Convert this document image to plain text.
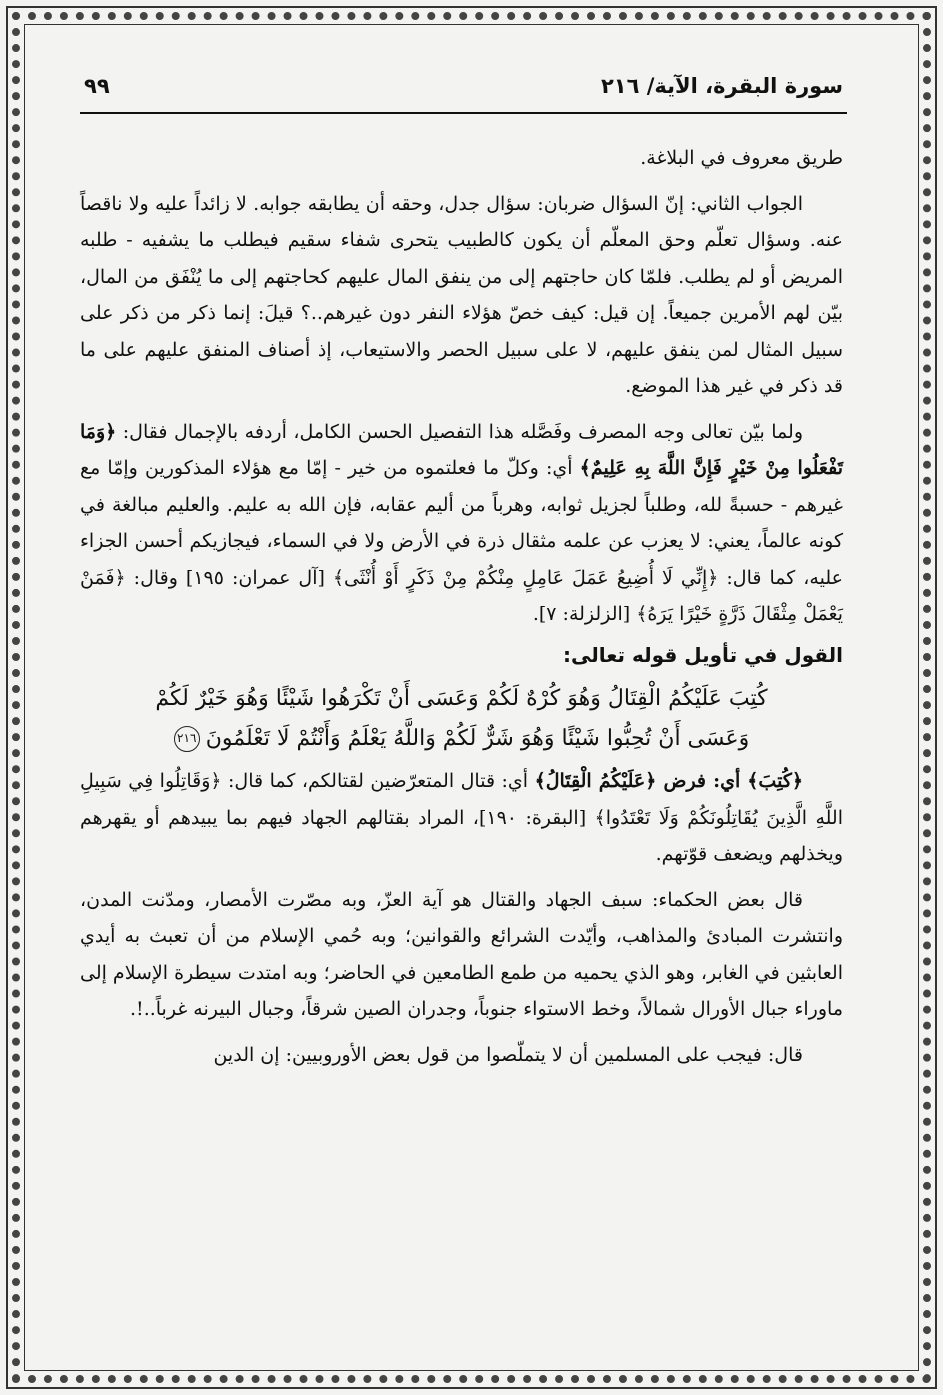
سورة البقرة، الآية/ ٢١٦
٩٩

طريق معروف في البلاغة.

الجواب الثاني: إنّ السؤال ضربان: سؤال جدل، وحقه أن يطابقه جوابه. لا زائداً عليه ولا ناقصاً عنه. وسؤال تعلّم وحق المعلّم أن يكون كالطبيب يتحرى شفاء سقيم فيطلب ما يشفيه - طلبه المريض أو لم يطلب. فلمّا كان حاجتهم إلى من ينفق المال عليهم كحاجتهم إلى ما يُنْفَق من المال، بيّن لهم الأمرين جميعاً. إن قيل: كيف خصّ هؤلاء النفر دون غيرهم..؟ قيلَ: إنما ذكر من ذكر على سبيل المثال لمن ينفق عليهم، لا على سبيل الحصر والاستيعاب، إذ أصناف المنفق عليهم على ما قد ذكر في غير هذا الموضع.

ولما بيّن تعالى وجه المصرف وفَصَّله هذا التفصيل الحسن الكامل، أردفه بالإجمال فقال: ﴿وَمَا تَفْعَلُوا مِنْ خَيْرٍ فَإِنَّ اللَّهَ بِهِ عَلِيمٌ﴾ أي: وكلّ ما فعلتموه من خير - إمّا مع هؤلاء المذكورين وإمّا مع غيرهم - حسبةً لله، وطلباً لجزيل ثوابه، وهرباً من أليم عقابه، فإن الله به عليم. والعليم مبالغة في كونه عالماً، يعني: لا يعزب عن علمه مثقال ذرة في الأرض ولا في السماء، فيجازيكم أحسن الجزاء عليه، كما قال: ﴿إِنِّي لَا أُضِيعُ عَمَلَ عَامِلٍ مِنْكُمْ مِنْ ذَكَرٍ أَوْ أُنْثَى﴾ [آل عمران: ١٩٥] وقال: ﴿فَمَنْ يَعْمَلْ مِثْقَالَ ذَرَّةٍ خَيْرًا يَرَهُ﴾ [الزلزلة: ٧].

القول في تأويل قوله تعالى:

كُتِبَ عَلَيْكُمُ الْقِتَالُ وَهُوَ كُرْهٌ لَكُمْ وَعَسَى أَنْ تَكْرَهُوا شَيْئًا وَهُوَ خَيْرٌ لَكُمْ
وَعَسَى أَنْ تُحِبُّوا شَيْئًا وَهُوَ شَرٌّ لَكُمْ وَاللَّهُ يَعْلَمُ وَأَنْتُمْ لَا تَعْلَمُونَ٢١٦

﴿كُتِبَ﴾ أي: فرض ﴿عَلَيْكُمُ الْقِتَالُ﴾ أي: قتال المتعرّضين لقتالكم، كما قال: ﴿وَقَاتِلُوا فِي سَبِيلِ اللَّهِ الَّذِينَ يُقَاتِلُونَكُمْ وَلَا تَعْتَدُوا﴾ [البقرة: ١٩٠]، المراد بقتالهم الجهاد فيهم بما يبيدهم أو يقهرهم ويخذلهم ويضعف قوّتهم.

قال بعض الحكماء: سبف الجهاد والقتال هو آية العزّ، وبه مصّرت الأمصار، ومدّنت المدن، وانتشرت المبادئ والمذاهب، وأيّدت الشرائع والقوانين؛ وبه حُمي الإسلام من أن تعبث به أيدي العابثين في الغابر، وهو الذي يحميه من طمع الطامعين في الحاضر؛ وبه امتدت سيطرة الإسلام إلى ماوراء جبال الأورال شمالاً، وخط الاستواء جنوباً، وجدران الصين شرقاً، وجبال البيرنه غرباً..!.

قال: فيجب على المسلمين أن لا يتملّصوا من قول بعض الأوروبيين: إن الدين
